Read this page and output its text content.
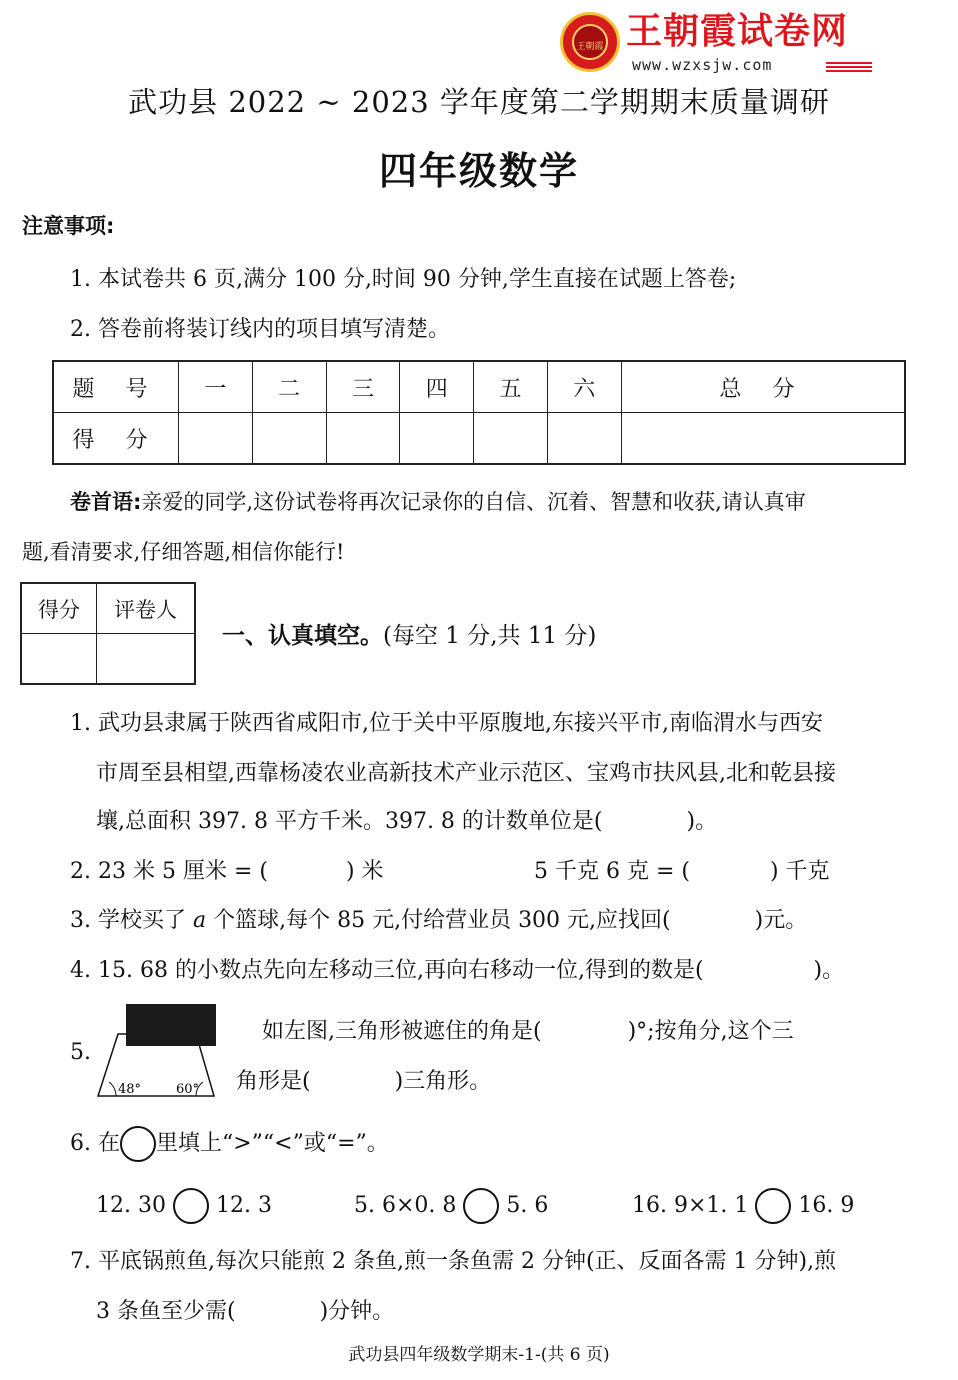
王朝霞 王朝霞试卷网
www.wzxsjw.com
武功县 2022 ~ 2023 学年度第二学期期末质量调研
四年级数学
注意事项:
1. 本试卷共 6 页,满分 100 分,时间 90 分钟,学生直接在试题上答卷;
2. 答卷前将装订线内的项目填写清楚。
题 号	一	二	三	四	五	六	总 分
得 分							
卷首语:亲爱的同学,这份试卷将再次记录你的自信、沉着、智慧和收获,请认真审
题,看清要求,仔细答题,相信你能行!
得分	评卷人

一、认真填空。(每空 1 分,共 11 分)
1. 武功县隶属于陕西省咸阳市,位于关中平原腹地,东接兴平市,南临渭水与西安
市周至县相望,西靠杨凌农业高新技术产业示范区、宝鸡市扶风县,北和乾县接
壤,总面积 397. 8 平方千米。397. 8 的计数单位是(	)。
2. 23 米 5 厘米 = (	) 米	5 千克 6 克 = (	) 千克
3. 学校买了 a 个篮球,每个 85 元,付给营业员 300 元,应找回(	)元。
4. 15. 68 的小数点先向左移动三位,再向右移动一位,得到的数是(	)。
5.
48°	60°
如左图,三角形被遮住的角是(	)°;按角分,这个三
角形是(	)三角形。
6. 在 里填上“>”“<”或“=”。
12. 30 12. 3	5. 6×0. 8 5. 6	16. 9×1. 1 16. 9
7. 平底锅煎鱼,每次只能煎 2 条鱼,煎一条鱼需 2 分钟(正、反面各需 1 分钟),煎
3 条鱼至少需(	)分钟。
武功县四年级数学期末-1-(共 6 页)
